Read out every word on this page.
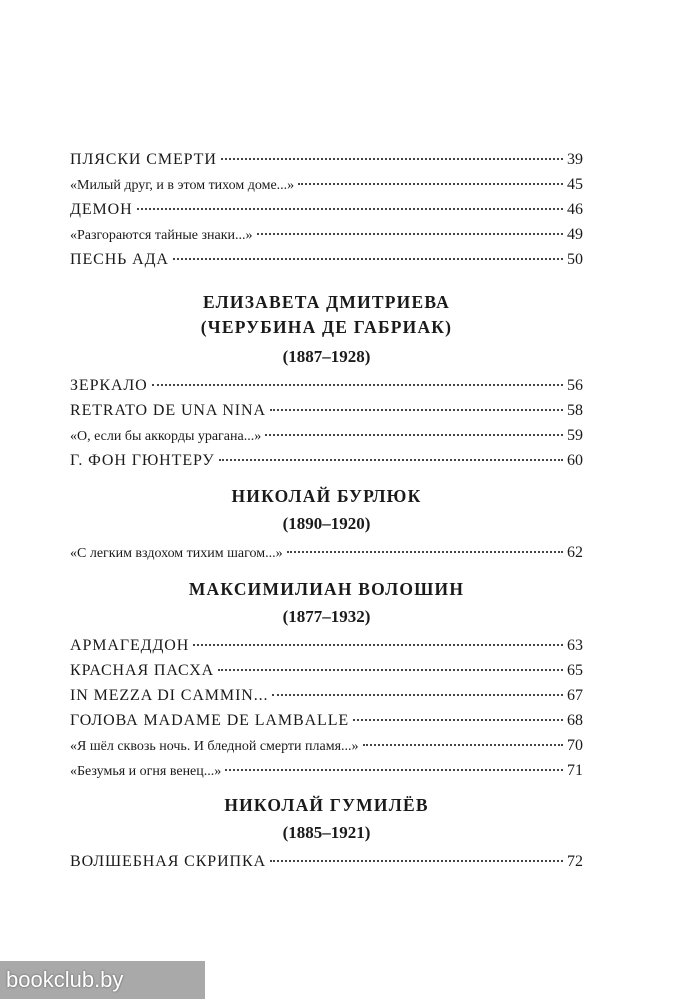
ПЛЯСКИ СМЕРТИ	39
«Милый друг, и в этом тихом доме...»	45
ДЕМОН	46
«Разгораются тайные знаки...»	49
ПЕСНЬ АДА	50
ЕЛИЗАВЕТА ДМИТРИЕВА
(ЧЕРУБИНА ДЕ ГАБРИАК)
(1887–1928)
ЗЕРКАЛО	56
RETRATO DE UNA NINA	58
«О, если бы аккорды урагана...»	59
Г. ФОН ГЮНТЕРУ	60
НИКОЛАЙ БУРЛЮК
(1890–1920)
«С легким вздохом тихим шагом...»	62
МАКСИМИЛИАН ВОЛОШИН
(1877–1932)
АРМАГЕДДОН	63
КРАСНАЯ ПАСХА	65
IN MEZZA DI CAMMIN...	67
ГОЛОВА MADAME DE LAMBALLE	68
«Я шёл сквозь ночь. И бледной смерти пламя...»	70
«Безумья и огня венец...»	71
НИКОЛАЙ ГУМИЛЁВ
(1885–1921)
ВОЛШЕБНАЯ СКРИПКА	72
bookclub.by
